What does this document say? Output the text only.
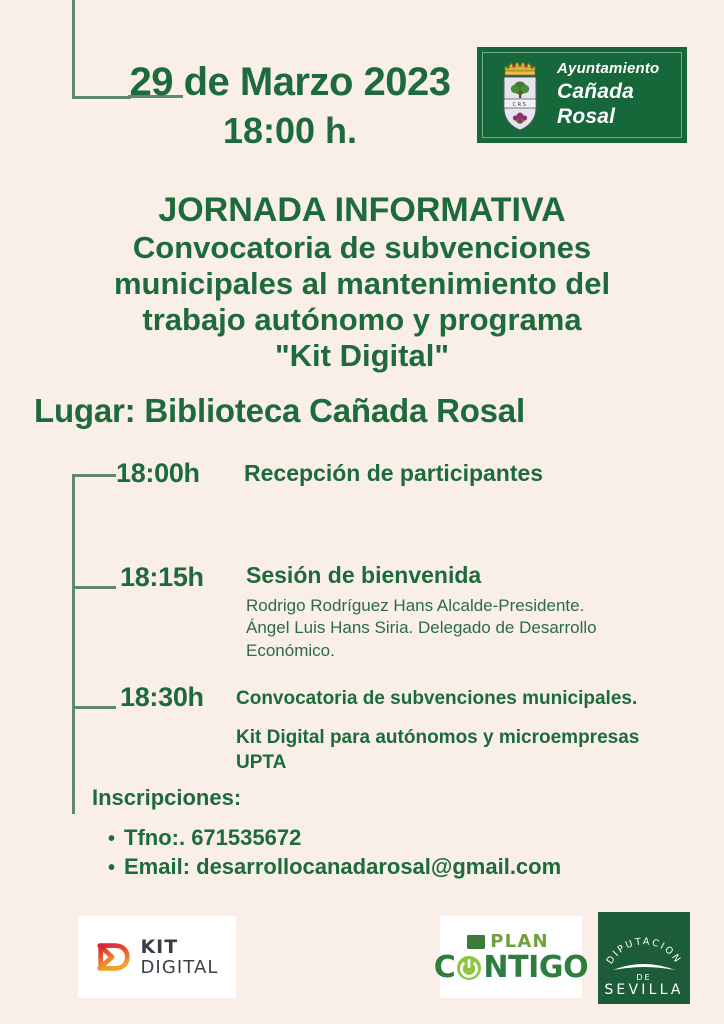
29 de Marzo 2023
18:00 h.
CRS
Ayuntamiento
Cañada Rosal
JORNADA INFORMATIVA
Convocatoria de subvenciones
municipales al mantenimiento del
trabajo autónomo y programa
"Kit Digital"
Lugar: Biblioteca Cañada Rosal
18:00h Recepción de participantes
18:15h Sesión de bienvenida
Rodrigo Rodríguez Hans Alcalde-Presidente.
Ángel Luis Hans Siria. Delegado de Desarrollo
Económico.
18:30h Convocatoria de subvenciones municipales.
Kit Digital para autónomos y microempresas
UPTA
Inscripciones:
• Tfno:. 671535672
• Email: desarrollocanadarosal@gmail.com
KIT
DIGITAL
PLAN
C NTIGO DIPUTACION
DE
SEVILLA
